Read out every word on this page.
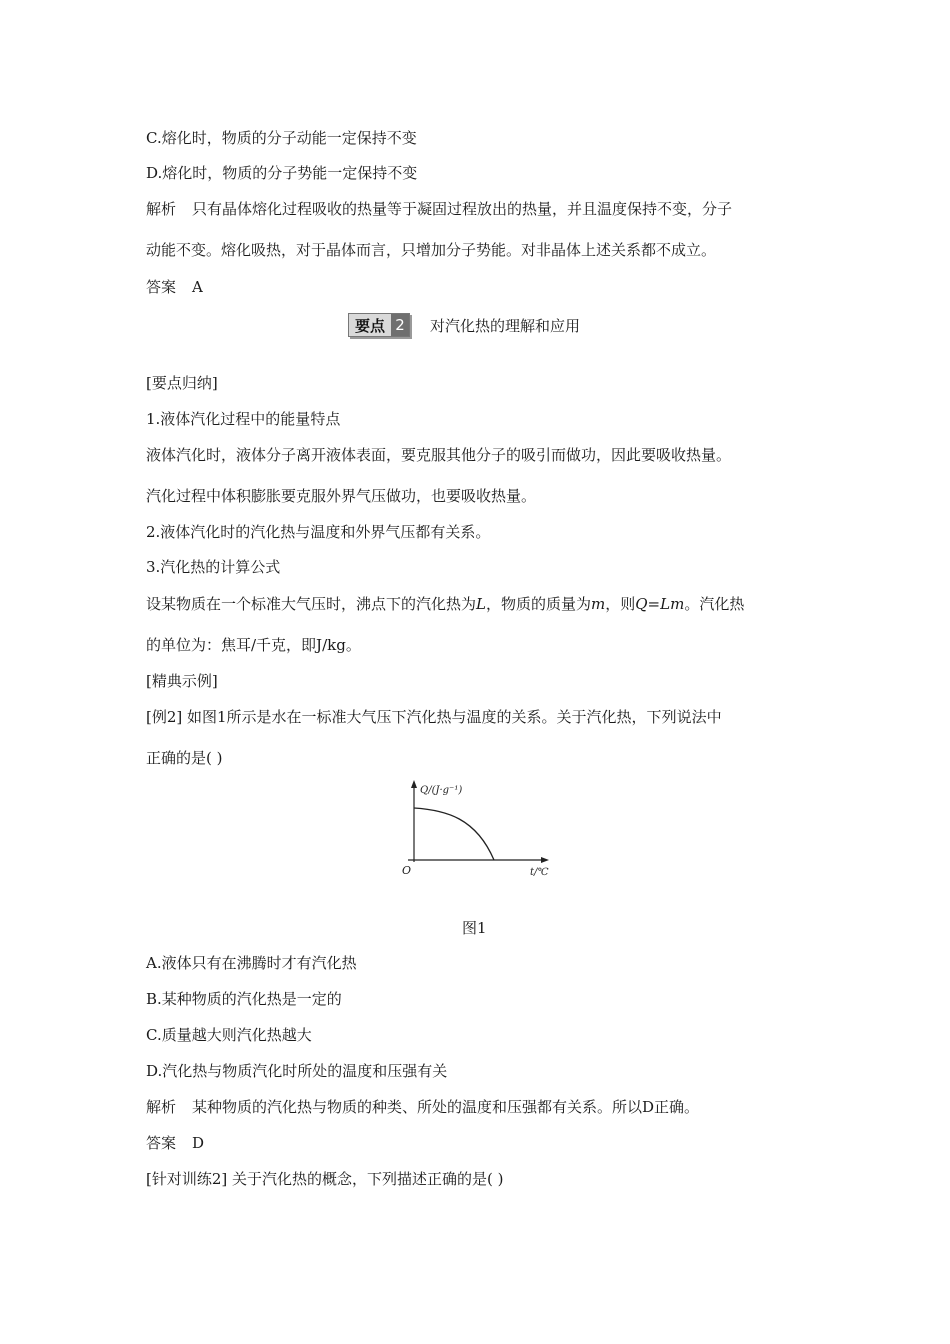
C.熔化时，物质的分子动能一定保持不变
D.熔化时，物质的分子势能一定保持不变
解析 只有晶体熔化过程吸收的热量等于凝固过程放出的热量，并且温度保持不变，分子
动能不变。熔化吸热，对于晶体而言，只增加分子势能。对非晶体上述关系都不成立。
答案 A
要点 2 对汽化热的理解和应用
[要点归纳]
1.液体汽化过程中的能量特点
液体汽化时，液体分子离开液体表面，要克服其他分子的吸引而做功，因此要吸收热量。
汽化过程中体积膨胀要克服外界气压做功，也要吸收热量。
2.液体汽化时的汽化热与温度和外界气压都有关系。
3.汽化热的计算公式
设某物质在一个标准大气压时，沸点下的汽化热为L，物质的质量为m，则Q=Lm。汽化热
的单位为：焦耳/千克，即J/kg。
[精典示例]
[例2] 如图1所示是水在一标准大气压下汽化热与温度的关系。关于汽化热，下列说法中
正确的是( )
Q/(J·g⁻¹)
O	t/℃
图1
A.液体只有在沸腾时才有汽化热
B.某种物质的汽化热是一定的
C.质量越大则汽化热越大
D.汽化热与物质汽化时所处的温度和压强有关
解析 某种物质的汽化热与物质的种类、所处的温度和压强都有关系。所以D正确。
答案 D
[针对训练2] 关于汽化热的概念，下列描述正确的是( )
